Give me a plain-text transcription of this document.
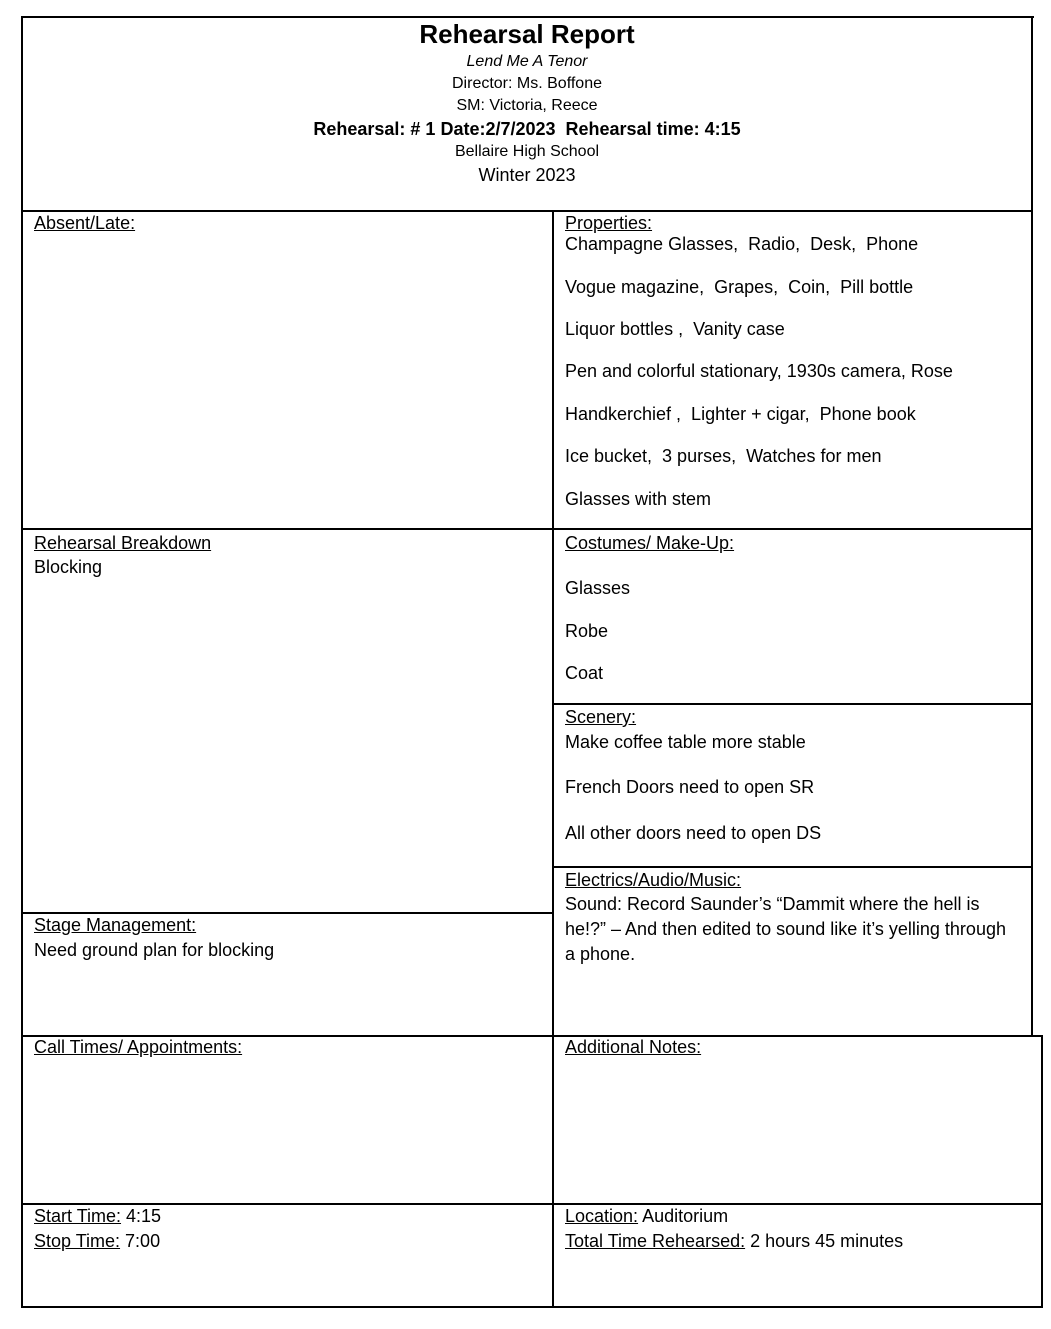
Rehearsal Report
Lend Me A Tenor
Director: Ms. Boffone
SM: Victoria, Reece
Rehearsal: # 1 Date:2/7/2023  Rehearsal time: 4:15
Bellaire High School
Winter 2023
Absent/Late:	Properties:
Champagne Glasses,  Radio,  Desk,  Phone
Vogue magazine,  Grapes,  Coin,  Pill bottle
Liquor bottles ,  Vanity case
Pen and colorful stationary, 1930s camera, Rose
Handkerchief ,  Lighter + cigar,  Phone book
Ice bucket,  3 purses,  Watches for men
Glasses with stem
Rehearsal Breakdown
Blocking
Costumes/ Make-Up:
Glasses
Robe
Coat
Scenery:
Make coffee table more stable
French Doors need to open SR
All other doors need to open DS
Electrics/Audio/Music:
Sound: Record Saunder’s “Dammit where the hell is he!?” – And then edited to sound like it’s yelling through a phone.
Stage Management:
Need ground plan for blocking
Call Times/ Appointments:	Additional Notes:
Start Time: 4:15
Stop Time: 7:00
Location: Auditorium
Total Time Rehearsed: 2 hours 45 minutes
